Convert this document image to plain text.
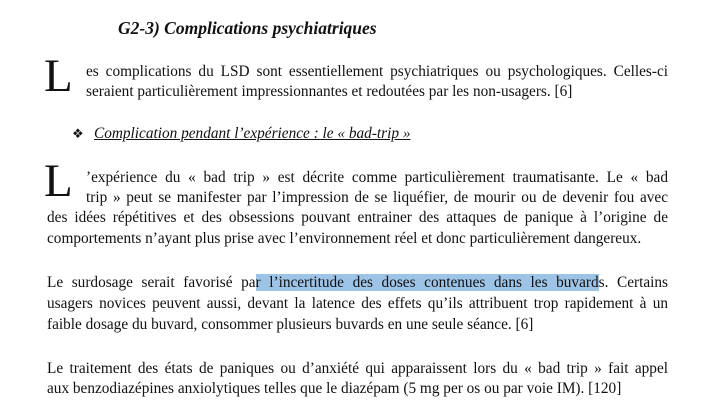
G2-3) Complications psychiatriques
L es complications du LSD sont essentiellement psychiatriques ou psychologiques. Celles-ci
seraient particulièrement impressionnantes et redoutées par les non-usagers. [6]
❖ Complication pendant l’expérience : le « bad-trip »
L ’expérience du « bad trip » est décrite comme particulièrement traumatisante. Le « bad
trip » peut se manifester par l’impression de se liquéfier, de mourir ou de devenir fou avec
des idées répétitives et des obsessions pouvant entrainer des attaques de panique à l’origine de
comportements n’ayant plus prise avec l’environnement réel et donc particulièrement dangereux.
Le surdosage serait favorisé par l’incertitude des doses contenues dans les buvards. Certains
usagers novices peuvent aussi, devant la latence des effets qu’ils attribuent trop rapidement à un
faible dosage du buvard, consommer plusieurs buvards en une seule séance. [6]
Le traitement des états de paniques ou d’anxiété qui apparaissent lors du « bad trip » fait appel
aux benzodiazépines anxiolytiques telles que le diazépam (5 mg per os ou par voie IM). [120]
